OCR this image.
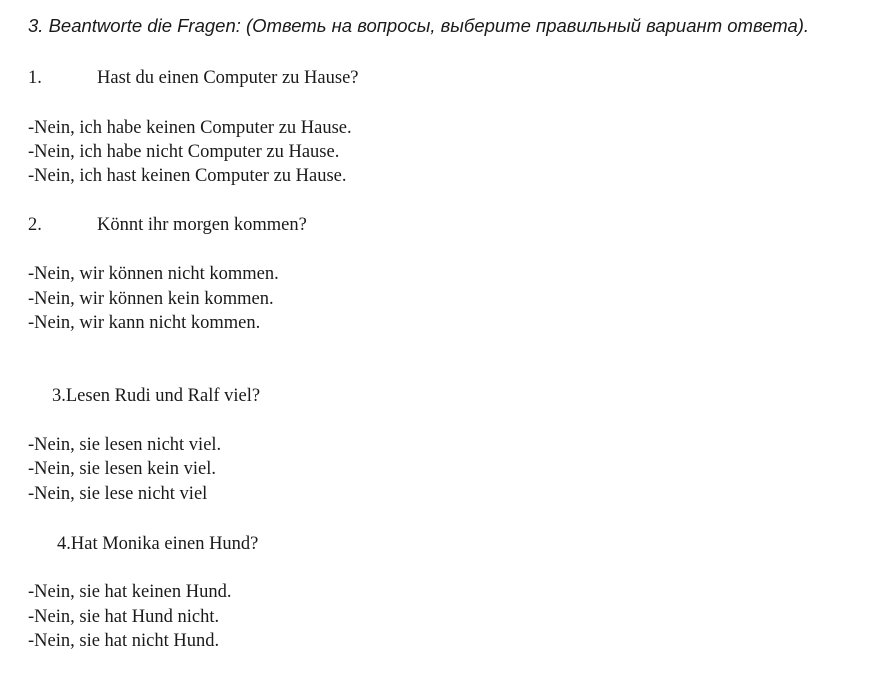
3. Beantworte die Fragen: (Ответь на вопросы, выберите правильный вариант ответа).
1.	Hast du einen Computer zu Hause?
-Nein, ich habe keinen Computer zu Hause.
-Nein, ich habe nicht Computer zu Hause.
-Nein, ich hast keinen Computer zu Hause.
2.	Könnt ihr morgen kommen?
-Nein, wir können nicht kommen.
-Nein, wir können kein kommen.
-Nein, wir kann nicht kommen.
3.Lesen Rudi und Ralf viel?
-Nein, sie lesen nicht viel.
-Nein, sie lesen kein viel.
-Nein, sie lese nicht viel
4.Hat Monika einen Hund?
-Nein, sie hat keinen Hund.
-Nein, sie hat Hund nicht.
-Nein, sie hat nicht Hund.
